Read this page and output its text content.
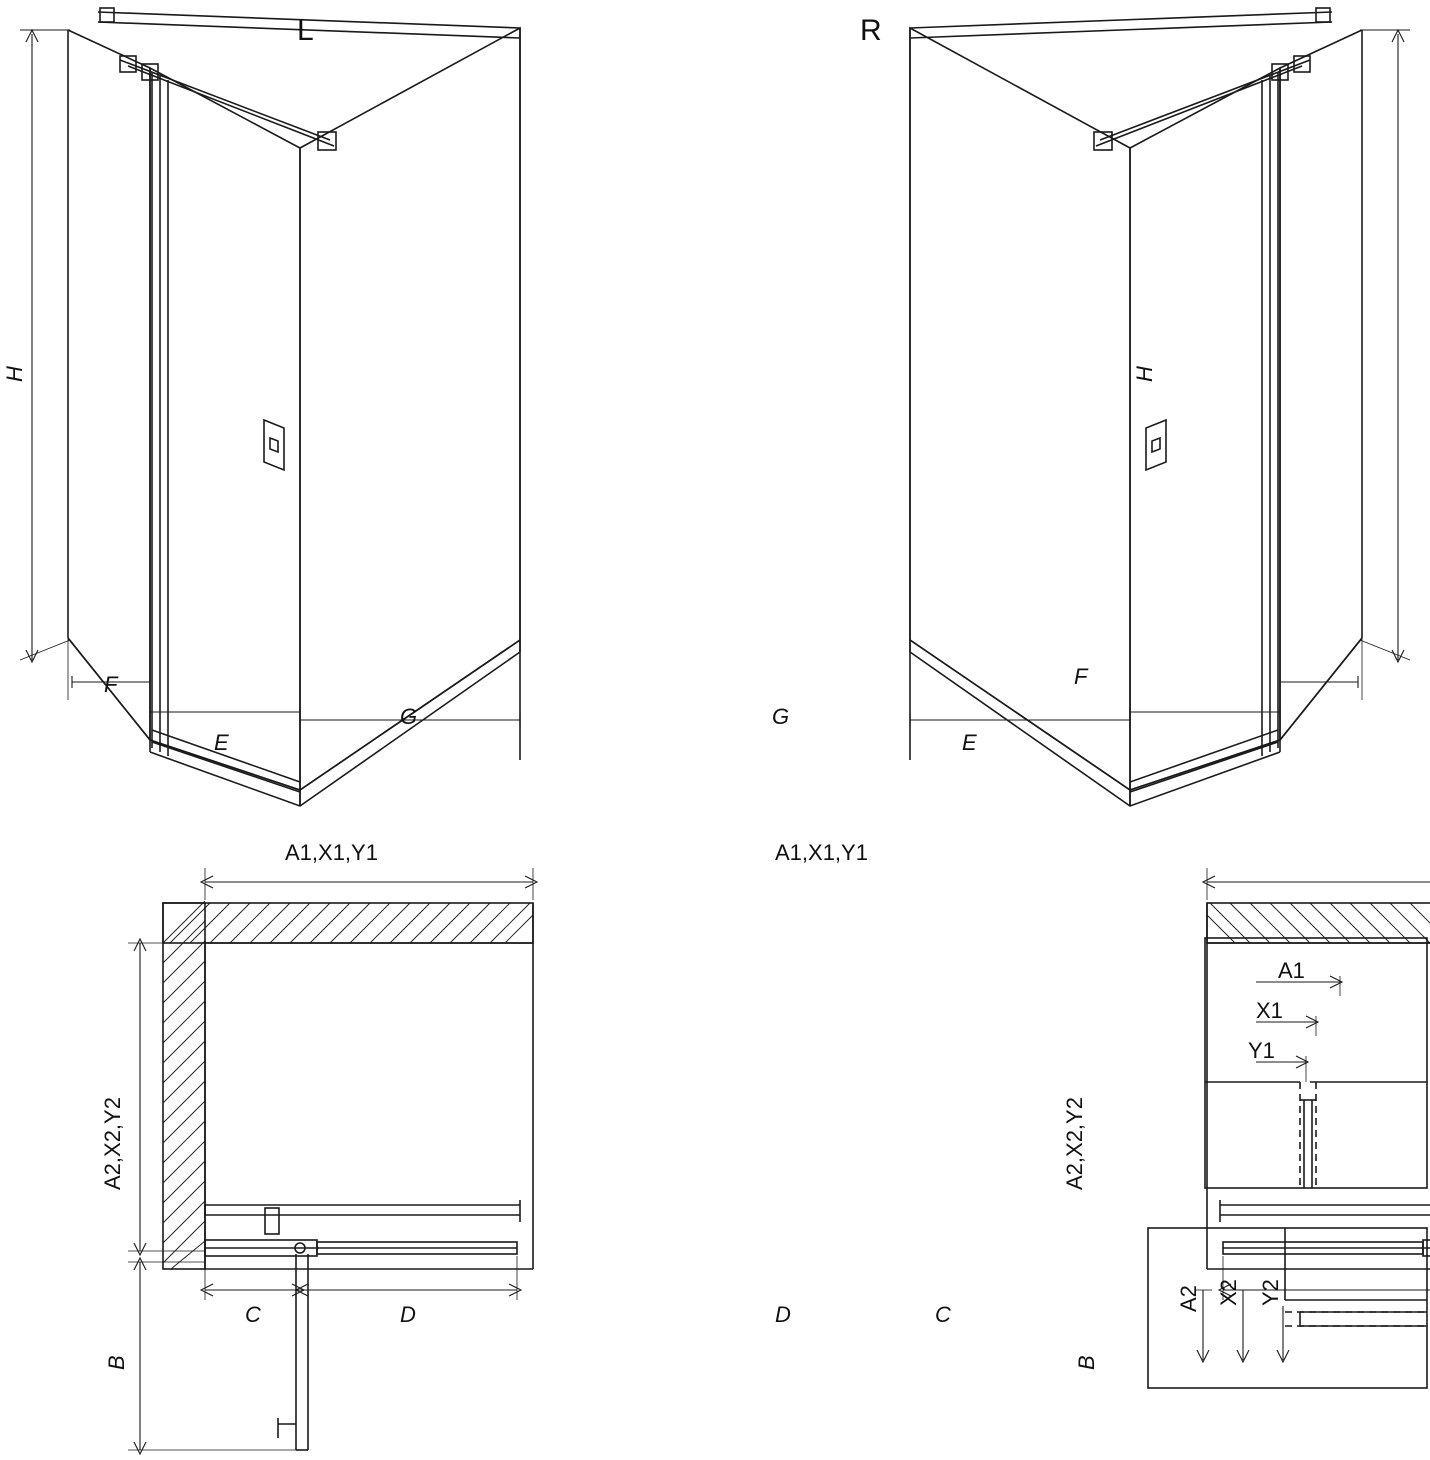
L	R
H	H
F
E
G	G
E
F
A1,X1,Y1
A2,X2,Y2
C	D
B
A1,X1,Y1
A2,X2,Y2
D	C
B
A1
X1
Y1
A2 X2 Y2
